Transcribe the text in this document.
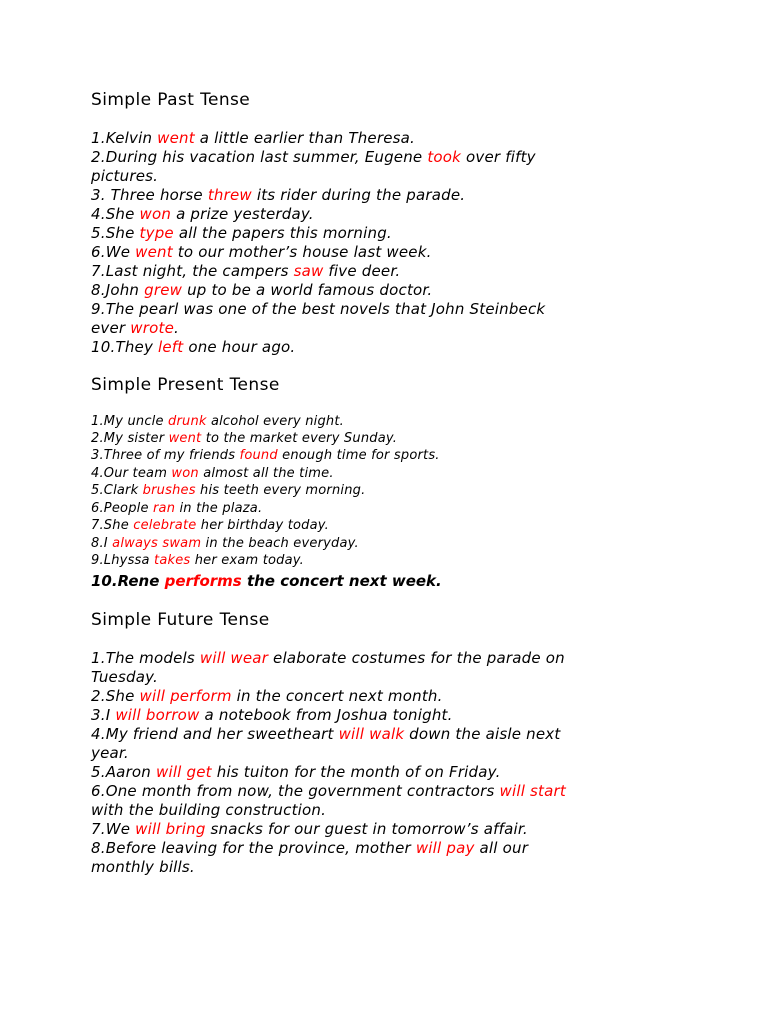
Simple Past Tense
1.Kelvin went a little earlier than Theresa.
2.During his vacation last summer, Eugene took over fifty
pictures.
3. Three horse threw its rider during the parade.
4.She won a prize yesterday.
5.She type all the papers this morning.
6.We went to our mother’s house last week.
7.Last night, the campers saw five deer.
8.John grew up to be a world famous doctor.
9.The pearl was one of the best novels that John Steinbeck
ever wrote.
10.They left one hour ago.
Simple Present Tense
1.My uncle drunk alcohol every night.
2.My sister went to the market every Sunday.
3.Three of my friends found enough time for sports.
4.Our team won almost all the time.
5.Clark brushes his teeth every morning.
6.People ran in the plaza.
7.She celebrate her birthday today.
8.I always swam in the beach everyday.
9.Lhyssa takes her exam today.
10.Rene performs the concert next week.
Simple Future Tense
1.The models will wear elaborate costumes for the parade on
Tuesday.
2.She will perform in the concert next month.
3.I will borrow a notebook from Joshua tonight.
4.My friend and her sweetheart will walk down the aisle next
year.
5.Aaron will get his tuiton for the month of on Friday.
6.One month from now, the government contractors will start
with the building construction.
7.We will bring snacks for our guest in tomorrow’s affair.
8.Before leaving for the province, mother will pay all our
monthly bills.
